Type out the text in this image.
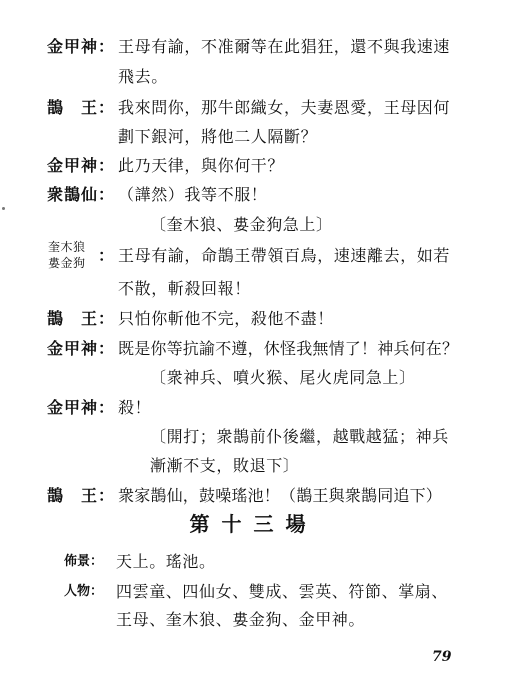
金甲神： 王母有諭，不准爾等在此猖狂，還不與我速速
飛去。
鵲　王： 我來問你，那牛郎織女，夫妻恩愛，王母因何
劃下銀河，將他二人隔斷？
金甲神： 此乃天律，與你何干？
衆鵲仙： （譁然）我等不服！
〔奎木狼、婁金狗急上〕
奎木狼
婁金狗 ： 王母有諭，命鵲王帶領百鳥，速速離去，如若
不散，斬殺回報！
鵲　王： 只怕你斬他不完，殺他不盡！
金甲神： 既是你等抗諭不遵，休怪我無情了！神兵何在？
〔衆神兵、噴火猴、尾火虎同急上〕
金甲神： 殺！
〔開打；衆鵲前仆後繼，越戰越猛；神兵
漸漸不支，敗退下〕
鵲　王： 衆家鵲仙，鼓噪瑤池！（鵲王與衆鵲同追下）
第十三場
佈景： 天上。瑤池。
人物： 四雲童、四仙女、雙成、雲英、符節、掌扇、
王母、奎木狼、婁金狗、金甲神。
79
